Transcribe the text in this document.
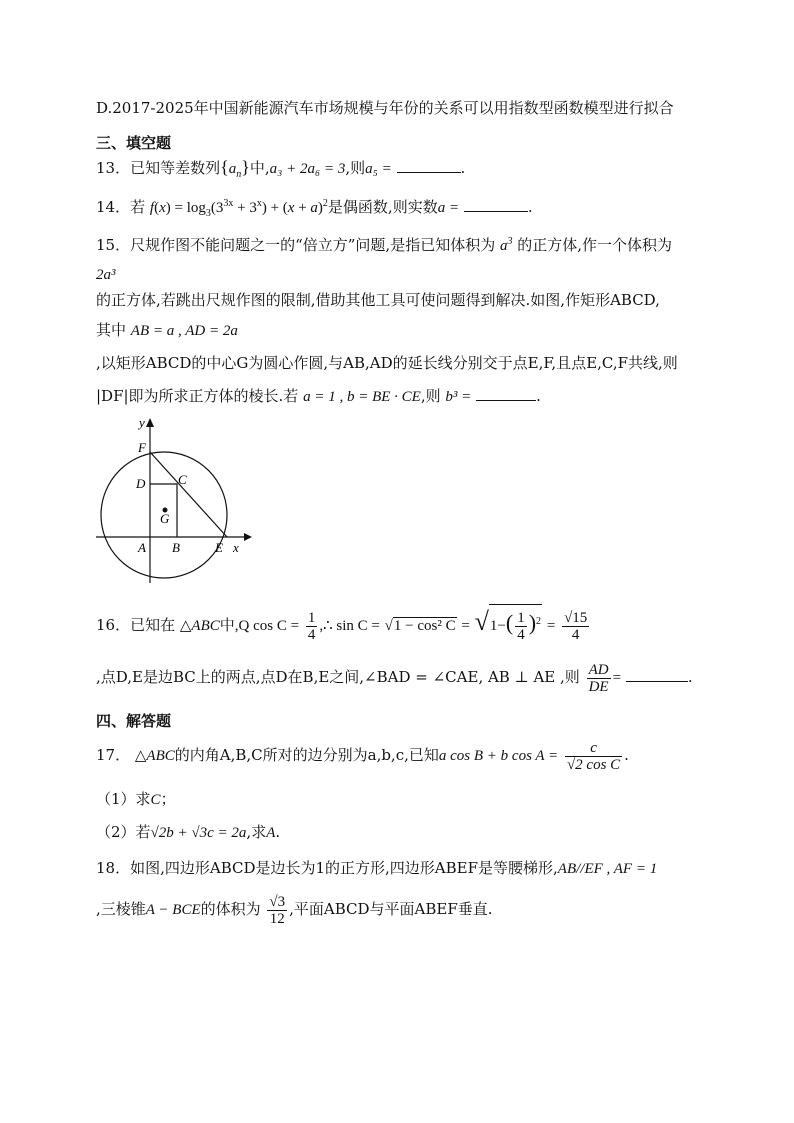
D.2017-2025年中国新能源汽车市场规模与年份的关系可以用指数型函数模型进行拟合
三、填空题
13．已知等差数列$\{a_n\}$中,a₃ + 2a₆ = 3,则a₅ =	.
14．若 $f(x) = \log_3(3^{3x} + 3^x) + (x + a)^2$是偶函数,则实数a =	.
15．尺规作图不能问题之一的“倍立方”问题,是指已知体积为 $a^3$ 的正方体,作一个体积为
2a³
的正方体,若跳出尺规作图的限制,借助其他工具可使问题得到解决.如图,作矩形ABCD,
其中 AB = a , AD = 2a
,以矩形ABCD的中心G为圆心作圆,与AB,AD的延长线分别交于点E,F,且点E,C,F共线,则
|DF|即为所求正方体的棱长.若 a = 1 , b = BE · CE,则 b³ =	.
y
F
D	C
G
A B	E x
16．已知在 △ABC中,Q $\cos C = \frac{1}{4}$ ,∴ sin C = √1 − cos² $C = √1-( \frac{1}{4} )^2 = \frac{√15}{4}$
,点D,E是边BC上的两点,点D在B,E之间,∠BAD = ∠CAE, AB ⊥ AE ,则 $\frac{AD}{DE}$ =	.
四、解答题
17． △ABC的内角A,B,C所对的边分别为a,b,c,已知a cos B + b $\cos A = \frac{c}{\text{√2 cos C}}$ .
（1）求C；
（2）若√2b + √3c = 2a,求A.
18．如图,四边形ABCD是边长为1的正方形,四边形ABEF是等腰梯形,AB//EF , AF = 1
,三棱锥A − BCE的体积为 $\frac{√3}{12}$ ,平面ABCD与平面ABEF垂直.
